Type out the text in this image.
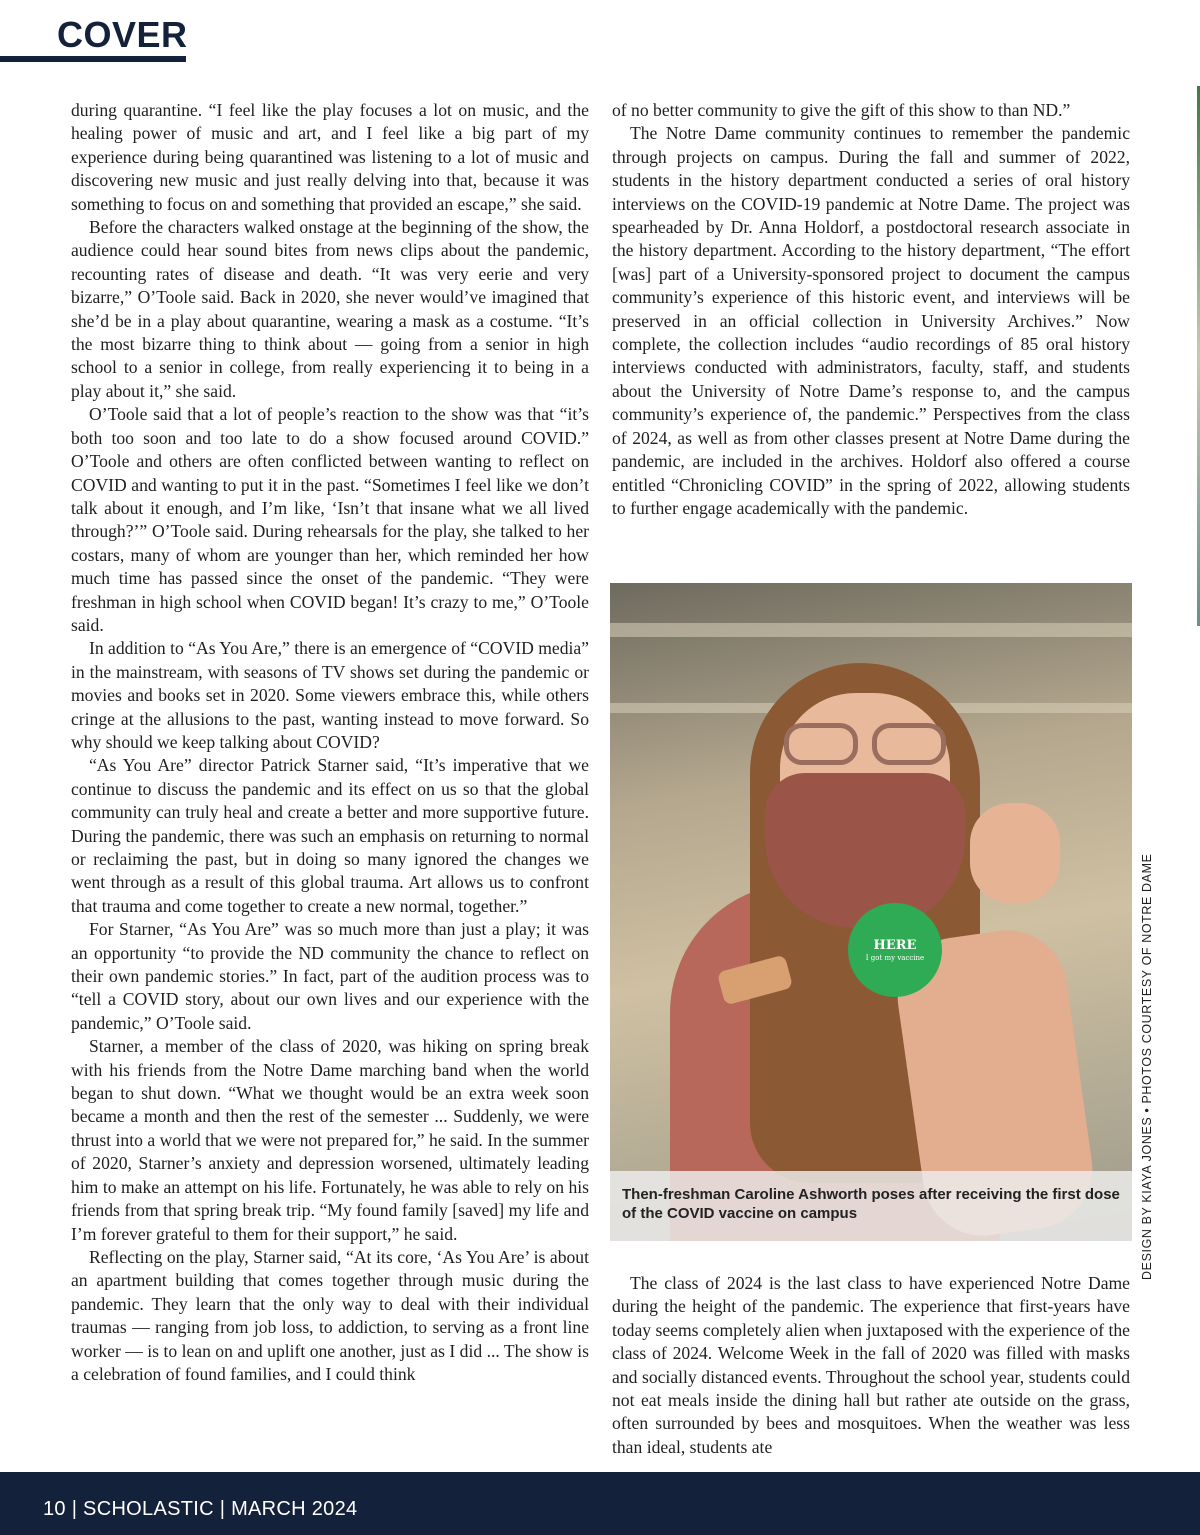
COVER

during quarantine. “I feel like the play focuses a lot on music, and the healing power of music and art, and I feel like a big part of my experience during being quarantined was listening to a lot of music and discovering new music and just really delving into that, because it was something to focus on and something that provided an escape,” she said.

Before the characters walked onstage at the beginning of the show, the audience could hear sound bites from news clips about the pandemic, recounting rates of disease and death. “It was very eerie and very bizarre,” O’Toole said. Back in 2020, she never would’ve imagined that she’d be in a play about quarantine, wearing a mask as a costume. “It’s the most bizarre thing to think about — going from a senior in high school to a senior in college, from really experiencing it to being in a play about it,” she said.

O’Toole said that a lot of people’s reaction to the show was that “it’s both too soon and too late to do a show focused around COVID.” O’Toole and others are often conflicted between wanting to reflect on COVID and wanting to put it in the past. “Sometimes I feel like we don’t talk about it enough, and I’m like, ‘Isn’t that insane what we all lived through?’” O’Toole said. During rehearsals for the play, she talked to her costars, many of whom are younger than her, which reminded her how much time has passed since the onset of the pandemic. “They were freshman in high school when COVID began! It’s crazy to me,” O’Toole said.

In addition to “As You Are,” there is an emergence of “COVID media” in the mainstream, with seasons of TV shows set during the pandemic or movies and books set in 2020. Some viewers embrace this, while others cringe at the allusions to the past, wanting instead to move forward. So why should we keep talking about COVID?

“As You Are” director Patrick Starner said, “It’s imperative that we continue to discuss the pandemic and its effect on us so that the global community can truly heal and create a better and more supportive future. During the pandemic, there was such an emphasis on returning to normal or reclaiming the past, but in doing so many ignored the changes we went through as a result of this global trauma. Art allows us to confront that trauma and come together to create a new normal, together.”

For Starner, “As You Are” was so much more than just a play; it was an opportunity “to provide the ND community the chance to reflect on their own pandemic stories.” In fact, part of the audition process was to “tell a COVID story, about our own lives and our experience with the pandemic,” O’Toole said.

Starner, a member of the class of 2020, was hiking on spring break with his friends from the Notre Dame marching band when the world began to shut down. “What we thought would be an extra week soon became a month and then the rest of the semester ... Suddenly, we were thrust into a world that we were not prepared for,” he said. In the summer of 2020, Starner’s anxiety and depression worsened, ultimately leading him to make an attempt on his life. Fortunately, he was able to rely on his friends from that spring break trip. “My found family [saved] my life and I’m forever grateful to them for their support,” he said.

Reflecting on the play, Starner said, “At its core, ‘As You Are’ is about an apartment building that comes together through music during the pandemic. They learn that the only way to deal with their individual traumas — ranging from job loss, to addiction, to serving as a front line worker — is to lean on and uplift one another, just as I did ... The show is a celebration of found families, and I could think

of no better community to give the gift of this show to than ND.”

The Notre Dame community continues to remember the pandemic through projects on campus. During the fall and summer of 2022, students in the history department conducted a series of oral history interviews on the COVID-19 pandemic at Notre Dame. The project was spearheaded by Dr. Anna Holdorf, a postdoctoral research associate in the history department. According to the history department, “The effort [was] part of a University-sponsored project to document the campus community’s experience of this historic event, and interviews will be preserved in an official collection in University Archives.” Now complete, the collection includes “audio recordings of 85 oral history interviews conducted with administrators, faculty, staff, and students about the University of Notre Dame’s response to, and the campus community’s experience of, the pandemic.” Perspectives from the class of 2024, as well as from other classes present at Notre Dame during the pandemic, are included in the archives. Holdorf also offered a course entitled “Chronicling COVID” in the spring of 2022, allowing students to further engage academically with the pandemic.

HERE
I got my vaccine
Then-freshman Caroline Ashworth poses after receiving the first dose of the COVID vaccine on campus

The class of 2024 is the last class to have experienced Notre Dame during the height of the pandemic. The experience that first-years have today seems completely alien when juxtaposed with the experience of the class of 2024. Welcome Week in the fall of 2020 was filled with masks and socially distanced events. Throughout the school year, students could not eat meals inside the dining hall but rather ate outside on the grass, often surrounded by bees and mosquitoes. When the weather was less than ideal, students ate

DESIGN BY KIAYA JONES • PHOTOS COURTESY OF NOTRE DAME
10 | SCHOLASTIC | MARCH 2024
